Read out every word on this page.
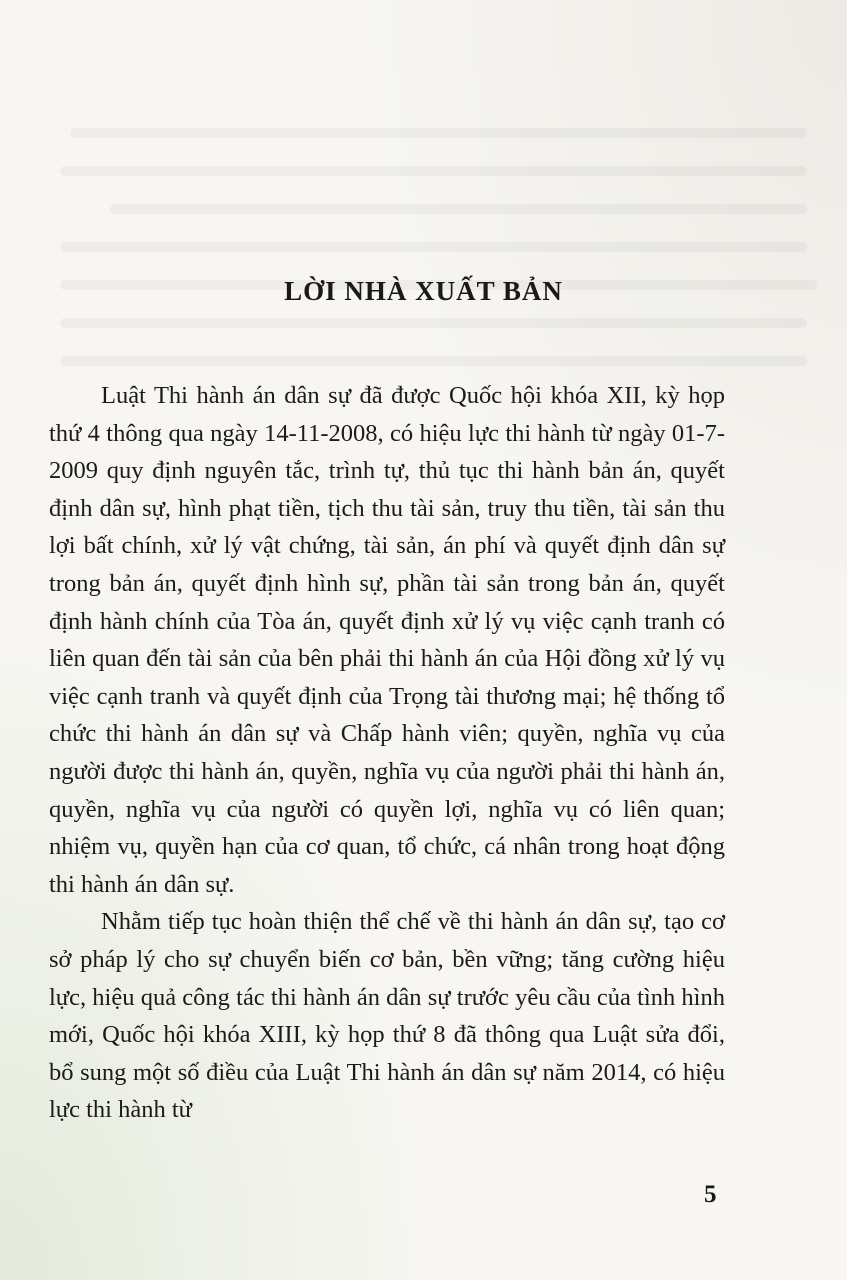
LỜI NHÀ XUẤT BẢN

Luật Thi hành án dân sự đã được Quốc hội khóa XII, kỳ họp thứ 4 thông qua ngày 14-11-2008, có hiệu lực thi hành từ ngày 01-7-2009 quy định nguyên tắc, trình tự, thủ tục thi hành bản án, quyết định dân sự, hình phạt tiền, tịch thu tài sản, truy thu tiền, tài sản thu lợi bất chính, xử lý vật chứng, tài sản, án phí và quyết định dân sự trong bản án, quyết định hình sự, phần tài sản trong bản án, quyết định hành chính của Tòa án, quyết định xử lý vụ việc cạnh tranh có liên quan đến tài sản của bên phải thi hành án của Hội đồng xử lý vụ việc cạnh tranh và quyết định của Trọng tài thương mại; hệ thống tổ chức thi hành án dân sự và Chấp hành viên; quyền, nghĩa vụ của người được thi hành án, quyền, nghĩa vụ của người phải thi hành án, quyền, nghĩa vụ của người có quyền lợi, nghĩa vụ có liên quan; nhiệm vụ, quyền hạn của cơ quan, tổ chức, cá nhân trong hoạt động thi hành án dân sự.

Nhằm tiếp tục hoàn thiện thể chế về thi hành án dân sự, tạo cơ sở pháp lý cho sự chuyển biến cơ bản, bền vững; tăng cường hiệu lực, hiệu quả công tác thi hành án dân sự trước yêu cầu của tình hình mới, Quốc hội khóa XIII, kỳ họp thứ 8 đã thông qua Luật sửa đổi, bổ sung một số điều của Luật Thi hành án dân sự năm 2014, có hiệu lực thi hành từ

5
